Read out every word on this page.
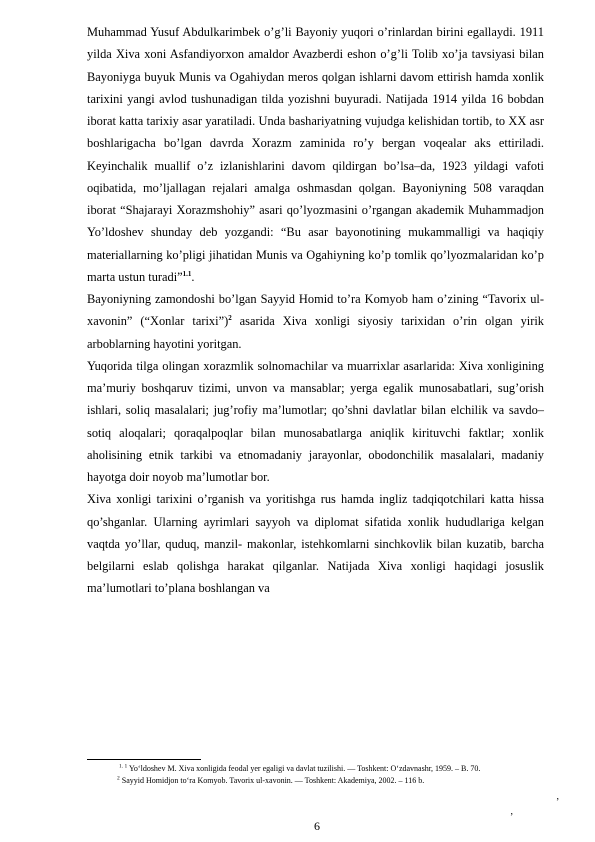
Muhammad Yusuf Abdulkarimbek o’g’li Bayoniy yuqori o’rinlardan birini egallaydi. 1911 yilda Xiva xoni Asfandiyorxon amaldor Avazberdi eshon o’g’li Tolib xo’ja tavsiyasi bilan Bayoniyga buyuk Munis va Ogahiydan meros qolgan ishlarni davom ettirish hamda xonlik tarixini yangi avlod tushunadigan tilda yozishni buyuradi. Natijada 1914 yilda 16 bobdan iborat katta tarixiy asar yaratiladi. Unda bashariyatning vujudga kelishidan tortib, to XX asr boshlarigacha bo’lgan davrda Xorazm zaminida ro’y bergan voqealar aks ettiriladi. Keyinchalik muallif o’z izlanishlarini davom qildirgan bo’lsa–da, 1923 yildagi vafoti oqibatida, mo’ljallagan rejalari amalga oshmasdan qolgan. Bayoniyning 508 varaqdan iborat “Shajarayi Xorazmshohiy” asari qo’lyozmasini o’rgangan akademik Muhammadjon Yo’ldoshev shunday deb yozgandi: “Bu asar bayonotining mukammalligi va haqiqiy materiallarning ko’pligi jihatidan Munis va Ogahiyning ko’p tomlik qo’lyozmalaridan ko’p marta ustun turadi”$^{1.1}$.

Bayoniyning zamondoshi bo’lgan Sayyid Homid to’ra Komyob ham o’zining “Tavorix ul-xavonin” (“Xonlar tarixi”)$^2$ asarida Xiva xonligi siyosiy tarixidan o’rin olgan yirik arboblarning hayotini yoritgan.

Yuqorida tilga olingan xorazmlik solnomachilar va muarrixlar asarlarida: Xiva xonligining ma’muriy boshqaruv tizimi, unvon va mansablar; yerga egalik munosabatlari, sug’orish ishlari, soliq masalalari; jug’rofiy ma’lumotlar; qo’shni davlatlar bilan elchilik va savdo–sotiq aloqalari; qoraqalpoqlar bilan munosabatlarga aniqlik kirituvchi faktlar; xonlik aholisining etnik tarkibi va etnomadaniy jarayonlar, obodonchilik masalalari, madaniy hayotga doir noyob ma’lumotlar bor.

Xiva xonligi tarixini o’rganish va yoritishga rus hamda ingliz tadqiqotchilari katta hissa qo’shganlar. Ularning ayrimlari sayyoh va diplomat sifatida xonlik hududlariga kelgan vaqtda yo’llar, quduq, manzil- makonlar, istehkomlarni sinchkovlik bilan kuzatib, barcha belgilarni eslab qolishga harakat qilganlar. Natijada Xiva xonligi haqidagi josuslik ma’lumotlari to’plana boshlangan va

$^{1. 1}$ Yo‘ldoshev M. Xiva xonligida feodal yer egaligi va davlat tuzilishi. — Toshkent: O‘zdavnashr, 1959. – B. 70.

$^2$ Sayyid Homidjon to‘ra Komyob. Tavorix ul-xavonin. — Toshkent: Akademiya, 2002. – 116 b.

’
’
6
